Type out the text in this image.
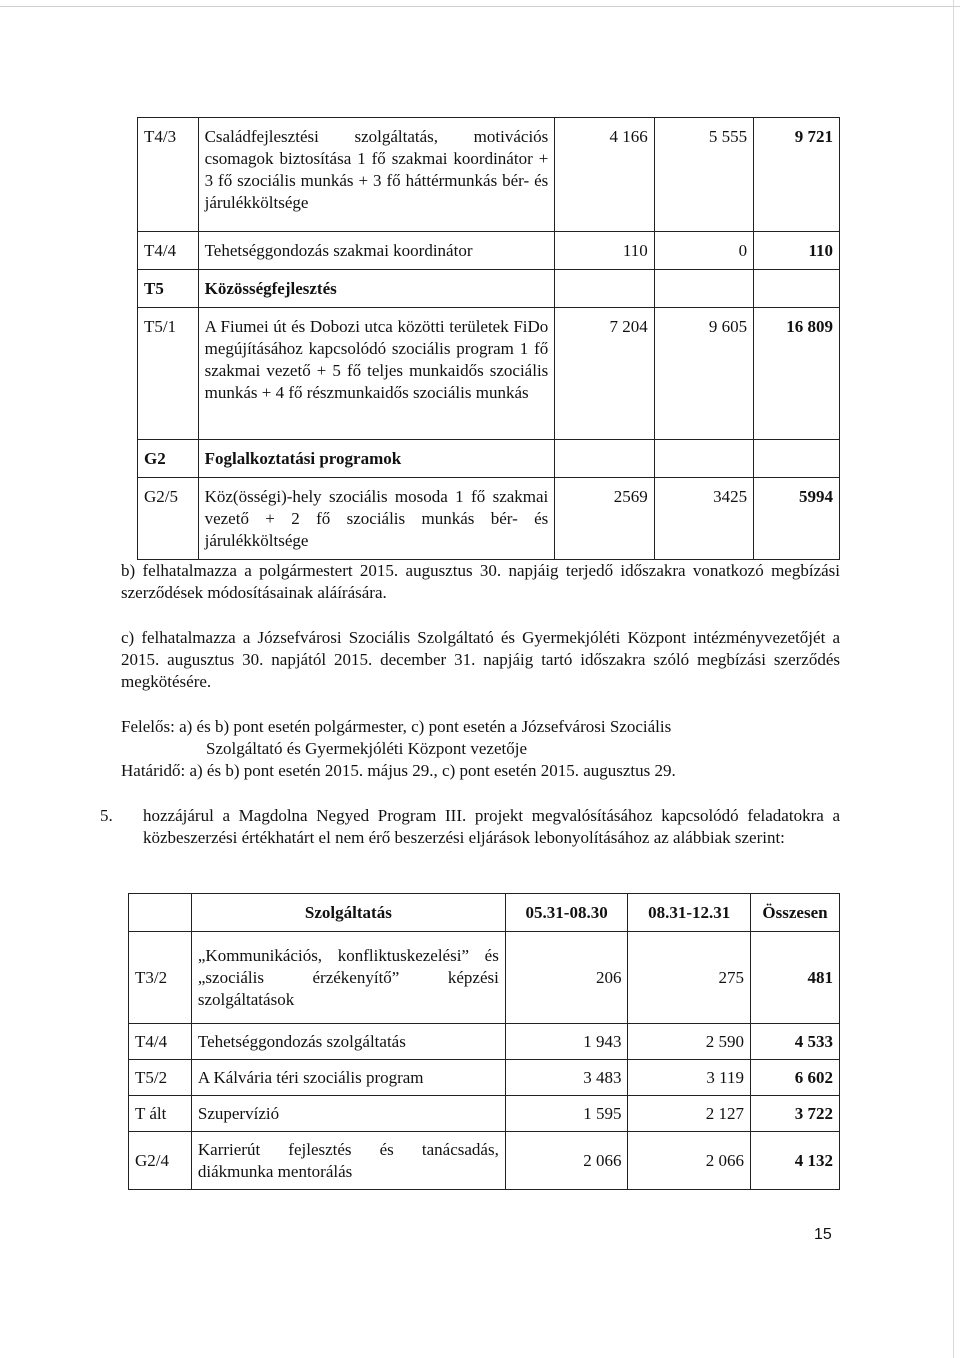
T4/3	Családfejlesztési szolgáltatás, motivációs csomagok biztosítása 1 fő szakmai koordinátor + 3 fő szociális munkás + 3 fő háttérmunkás bér- és járulékköltsége	4 166	5 555	9 721
T4/4	Tehetséggondozás szakmai koordinátor	110	0	110
T5	Közösségfejlesztés			
T5/1	A Fiumei út és Dobozi utca közötti területek FiDo megújításához kapcsolódó szociális program 1 fő szakmai vezető + 5 fő teljes munkaidős szociális munkás + 4 fő részmunkaidős szociális munkás	7 204	9 605	16 809
G2	Foglalkoztatási programok			
G2/5	Köz(össégi)-hely szociális mosoda 1 fő szakmai vezető + 2 fő szociális munkás bér- és járulékköltsége	2569	3425	5994
b) felhatalmazza a polgármestert 2015. augusztus 30. napjáig terjedő időszakra vonatkozó megbízási szerződések módosításainak aláírására.
c) felhatalmazza a Józsefvárosi Szociális Szolgáltató és Gyermekjóléti Központ intézményvezetőjét a 2015. augusztus 30. napjától 2015. december 31. napjáig tartó időszakra szóló megbízási szerződés megkötésére.
Felelős: a) és b) pont esetén polgármester, c) pont esetén a Józsefvárosi Szociális
Szolgáltató és Gyermekjóléti Központ vezetője
Határidő: a) és b) pont esetén 2015. május 29., c) pont esetén 2015. augusztus 29.
5. hozzájárul a Magdolna Negyed Program III. projekt megvalósításához kapcsolódó feladatokra a közbeszerzési értékhatárt el nem érő beszerzési eljárások lebonyolításához az alábbiak szerint:
	Szolgáltatás	05.31-08.30	08.31-12.31	Összesen
T3/2	„Kommunikációs, konfliktuskezelési” és „szociális érzékenyítő” képzési szolgáltatások	206	275	481
T4/4	Tehetséggondozás szolgáltatás	1 943	2 590	4 533
T5/2	A Kálvária téri szociális program	3 483	3 119	6 602
T ált	Szupervízió	1 595	2 127	3 722
G2/4	Karrierút fejlesztés és tanácsadás, diákmunka mentorálás	2 066	2 066	4 132
15
